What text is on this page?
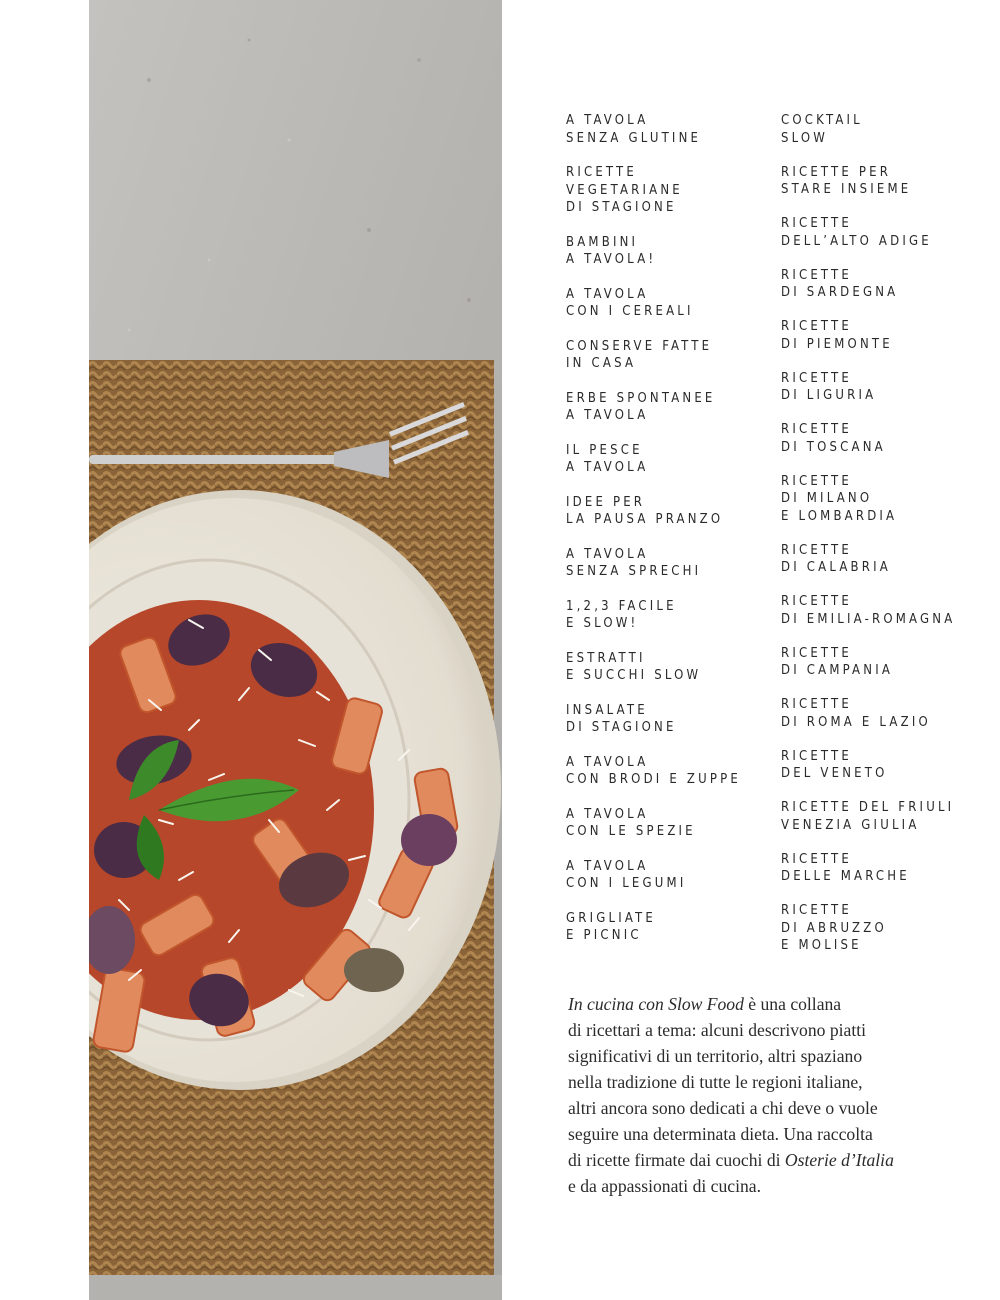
A TAVOLA
SENZA GLUTINE
RICETTE
VEGETARIANE
DI STAGIONE
BAMBINI
A TAVOLA!
A TAVOLA
CON I CEREALI
CONSERVE FATTE
IN CASA
ERBE SPONTANEE
A TAVOLA
IL PESCE
A TAVOLA
IDEE PER
LA PAUSA PRANZO
A TAVOLA
SENZA SPRECHI
1,2,3 FACILE
E SLOW!
ESTRATTI
E SUCCHI SLOW
INSALATE
DI STAGIONE
A TAVOLA
CON BRODI E ZUPPE
A TAVOLA
CON LE SPEZIE
A TAVOLA
CON I LEGUMI
GRIGLIATE
E PICNIC
COCKTAIL
SLOW
RICETTE PER
STARE INSIEME
RICETTE
DELL’ALTO ADIGE
RICETTE
DI SARDEGNA
RICETTE
DI PIEMONTE
RICETTE
DI LIGURIA
RICETTE
DI TOSCANA
RICETTE
DI MILANO
E LOMBARDIA
RICETTE
DI CALABRIA
RICETTE
DI EMILIA-ROMAGNA
RICETTE
DI CAMPANIA
RICETTE
DI ROMA E LAZIO
RICETTE
DEL VENETO
RICETTE DEL FRIULI
VENEZIA GIULIA
RICETTE
DELLE MARCHE
RICETTE
DI ABRUZZO
E MOLISE

In cucina con Slow Food è una collana
di ricettari a tema: alcuni descrivono piatti
significativi di un territorio, altri spaziano
nella tradizione di tutte le regioni italiane,
altri ancora sono dedicati a chi deve o vuole
seguire una determinata dieta. Una raccolta
di ricette firmate dai cuochi di Osterie d’Italia
e da appassionati di cucina.
